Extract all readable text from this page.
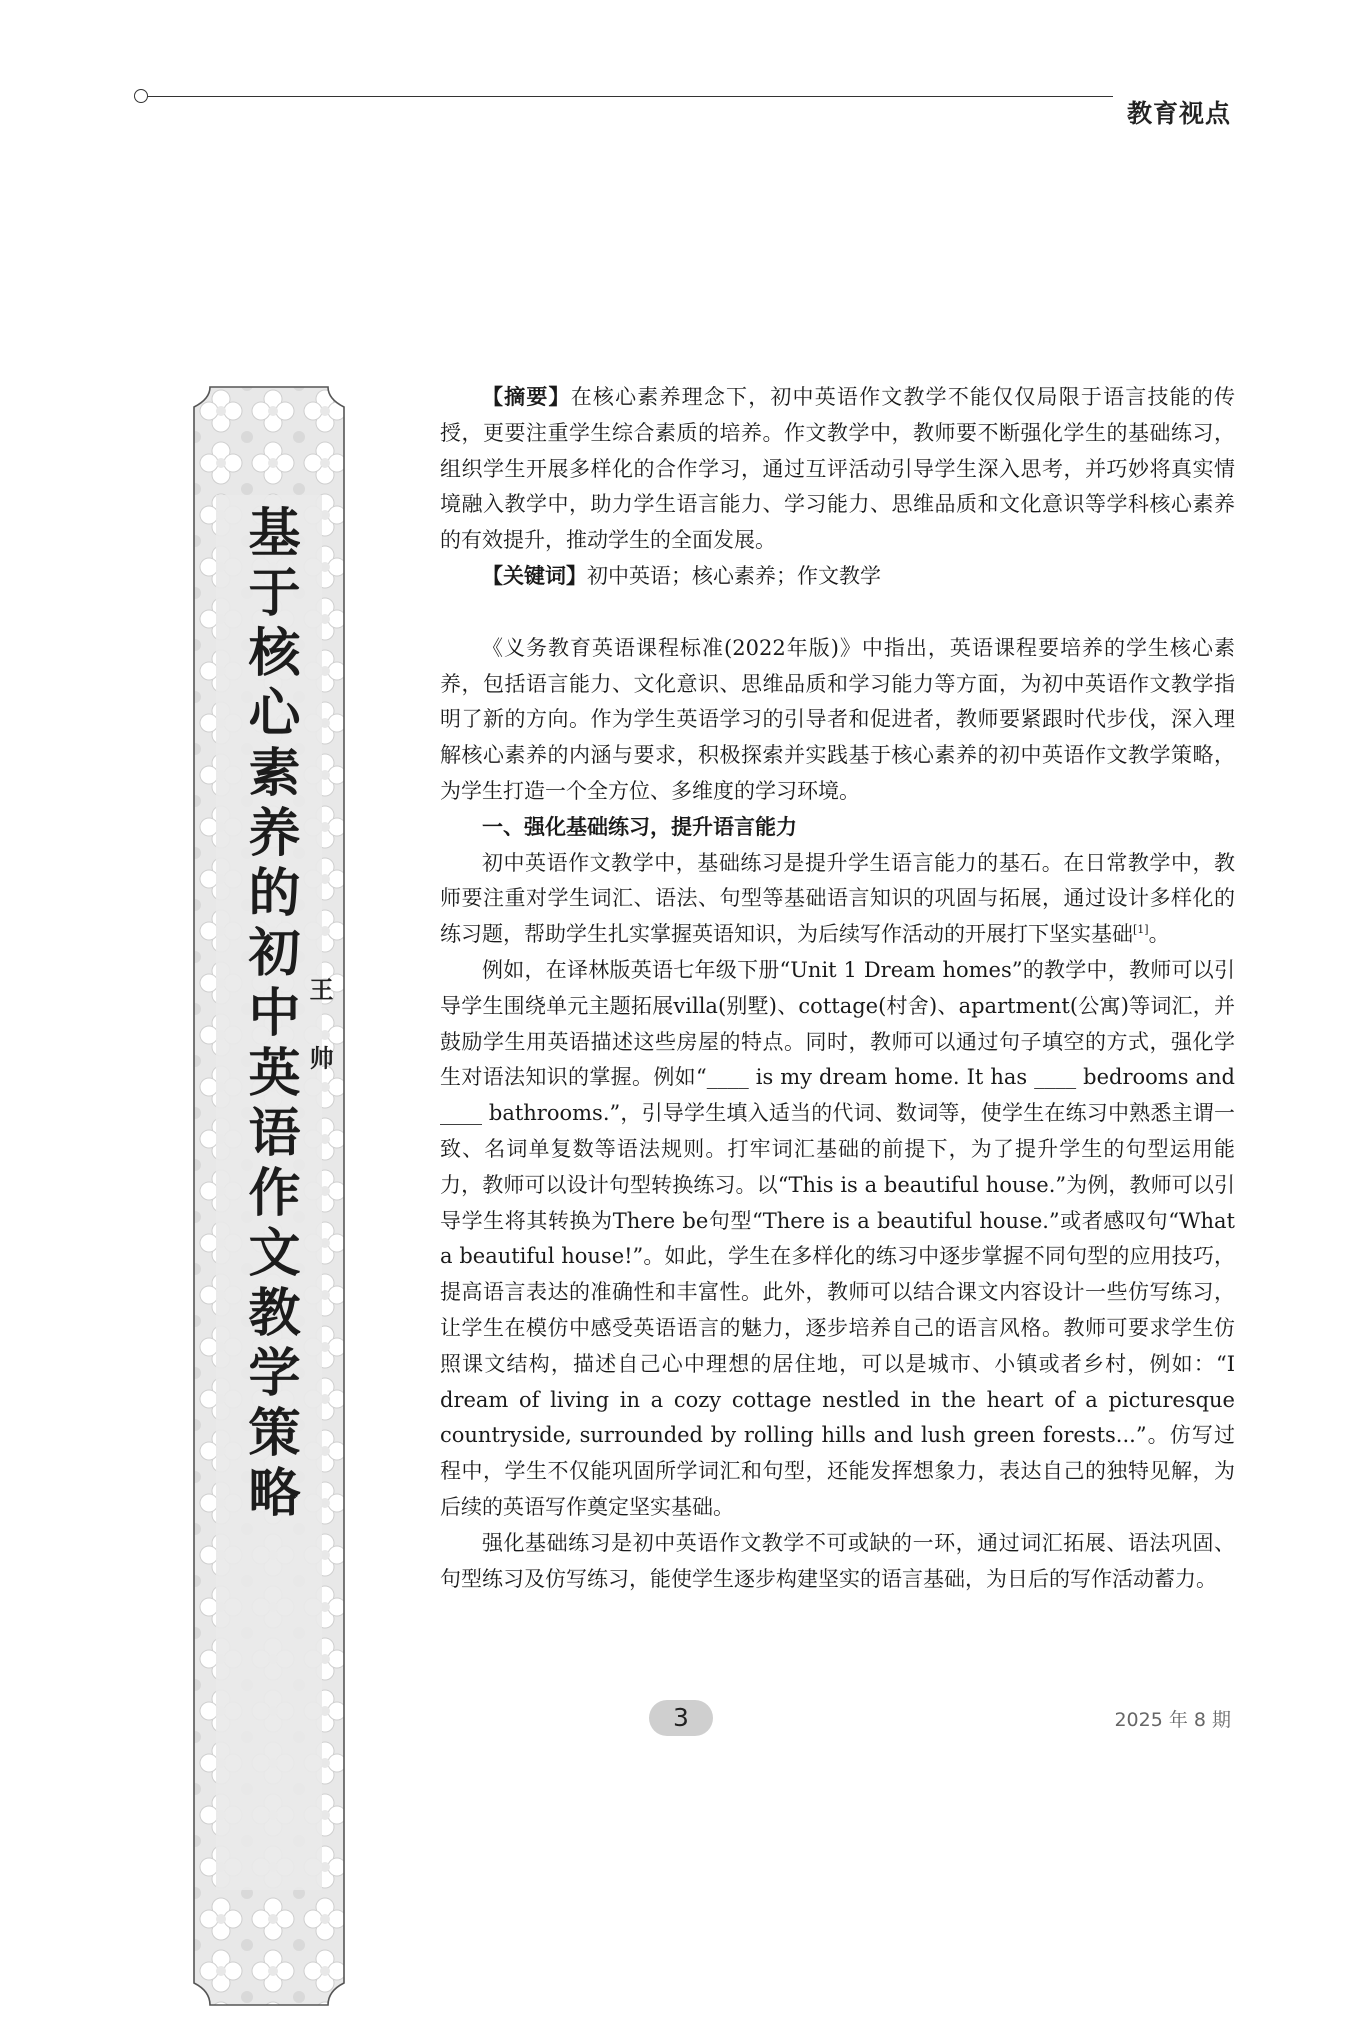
教育视点
基于核心素养的初中英语作文教学策略 王 帅

【摘要】在核心素养理念下，初中英语作文教学不能仅仅局限于语言技能的传授，更要注重学生综合素质的培养。作文教学中，教师要不断强化学生的基础练习，组织学生开展多样化的合作学习，通过互评活动引导学生深入思考，并巧妙将真实情境融入教学中，助力学生语言能力、学习能力、思维品质和文化意识等学科核心素养的有效提升，推动学生的全面发展。

【关键词】初中英语；核心素养；作文教学

《义务教育英语课程标准(2022年版)》中指出，英语课程要培养的学生核心素养，包括语言能力、文化意识、思维品质和学习能力等方面，为初中英语作文教学指明了新的方向。作为学生英语学习的引导者和促进者，教师要紧跟时代步伐，深入理解核心素养的内涵与要求，积极探索并实践基于核心素养的初中英语作文教学策略，为学生打造一个全方位、多维度的学习环境。

一、强化基础练习，提升语言能力

初中英语作文教学中，基础练习是提升学生语言能力的基石。在日常教学中，教师要注重对学生词汇、语法、句型等基础语言知识的巩固与拓展，通过设计多样化的练习题，帮助学生扎实掌握英语知识，为后续写作活动的开展打下坚实基础[1]。

例如，在译林版英语七年级下册“Unit 1 Dream homes”的教学中，教师可以引导学生围绕单元主题拓展villa(别墅)、cottage(村舍)、apartment(公寓)等词汇，并鼓励学生用英语描述这些房屋的特点。同时，教师可以通过句子填空的方式，强化学生对语法知识的掌握。例如“____ is my dream home. It has ____ bedrooms and ____ bathrooms.”，引导学生填入适当的代词、数词等，使学生在练习中熟悉主谓一致、名词单复数等语法规则。打牢词汇基础的前提下，为了提升学生的句型运用能力，教师可以设计句型转换练习。以“This is a beautiful house.”为例，教师可以引导学生将其转换为There be句型“There is a beautiful house.”或者感叹句“What a beautiful house!”。如此，学生在多样化的练习中逐步掌握不同句型的应用技巧，提高语言表达的准确性和丰富性。此外，教师可以结合课文内容设计一些仿写练习，让学生在模仿中感受英语语言的魅力，逐步培养自己的语言风格。教师可要求学生仿照课文结构，描述自己心中理想的居住地，可以是城市、小镇或者乡村，例如：“I dream of living in a cozy cottage nestled in the heart of a picturesque countryside, surrounded by rolling hills and lush green forests...”。仿写过程中，学生不仅能巩固所学词汇和句型，还能发挥想象力，表达自己的独特见解，为后续的英语写作奠定坚实基础。

强化基础练习是初中英语作文教学不可或缺的一环，通过词汇拓展、语法巩固、句型练习及仿写练习，能使学生逐步构建坚实的语言基础，为日后的写作活动蓄力。

3	2025 年 8 期
